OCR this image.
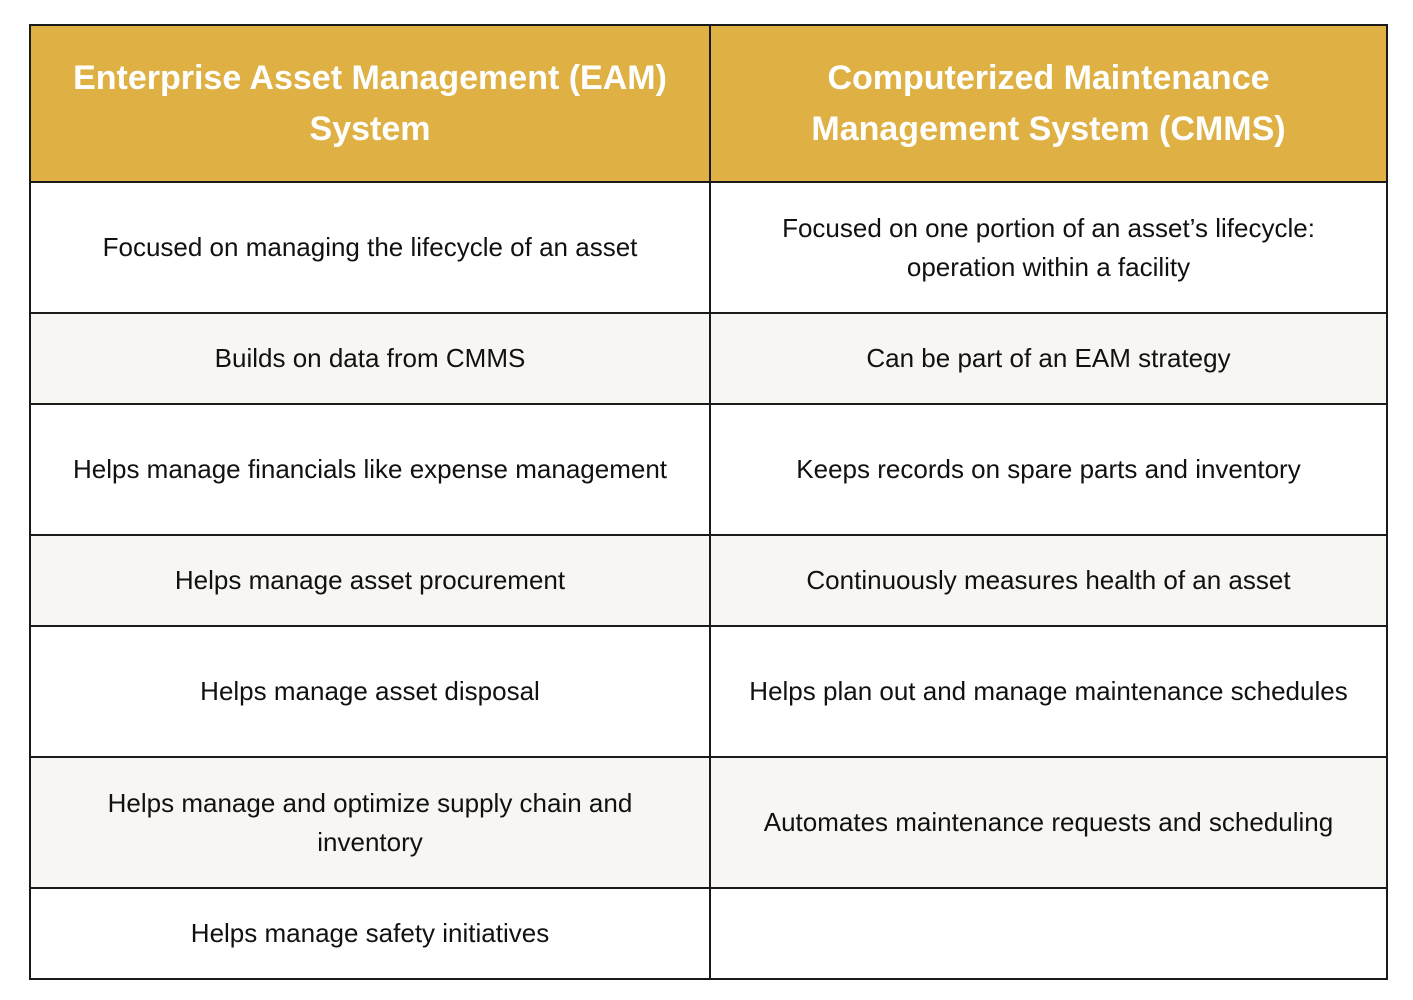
Enterprise Asset Management (EAM) System	Computerized Maintenance Management System (CMMS)
Focused on managing the lifecycle of an asset	Focused on one portion of an asset’s lifecycle: operation within a facility
Builds on data from CMMS	Can be part of an EAM strategy
Helps manage financials like expense management	Keeps records on spare parts and inventory
Helps manage asset procurement	Continuously measures health of an asset
Helps manage asset disposal	Helps plan out and manage maintenance schedules
Helps manage and optimize supply chain and inventory	Automates maintenance requests and scheduling
Helps manage safety initiatives	
